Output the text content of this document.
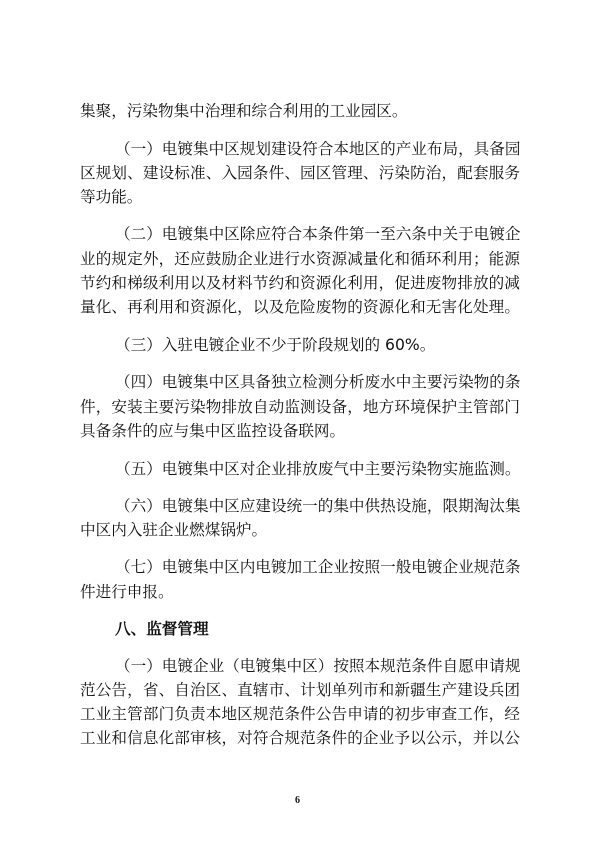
集聚，污染物集中治理和综合利用的工业园区。
（一）电镀集中区规划建设符合本地区的产业布局，具备园
区规划、建设标准、入园条件、园区管理、污染防治，配套服务
等功能。
（二）电镀集中区除应符合本条件第一至六条中关于电镀企
业的规定外，还应鼓励企业进行水资源减量化和循环利用；能源
节约和梯级利用以及材料节约和资源化利用，促进废物排放的减
量化、再利用和资源化，以及危险废物的资源化和无害化处理。
（三）入驻电镀企业不少于阶段规划的 60%。
（四）电镀集中区具备独立检测分析废水中主要污染物的条
件，安装主要污染物排放自动监测设备，地方环境保护主管部门
具备条件的应与集中区监控设备联网。
（五）电镀集中区对企业排放废气中主要污染物实施监测。
（六）电镀集中区应建设统一的集中供热设施，限期淘汰集
中区内入驻企业燃煤锅炉。
（七）电镀集中区内电镀加工企业按照一般电镀企业规范条
件进行申报。
八、监督管理
（一）电镀企业（电镀集中区）按照本规范条件自愿申请规
范公告，省、自治区、直辖市、计划单列市和新疆生产建设兵团
工业主管部门负责本地区规范条件公告申请的初步审查工作，经
工业和信息化部审核，对符合规范条件的企业予以公示，并以公
6
